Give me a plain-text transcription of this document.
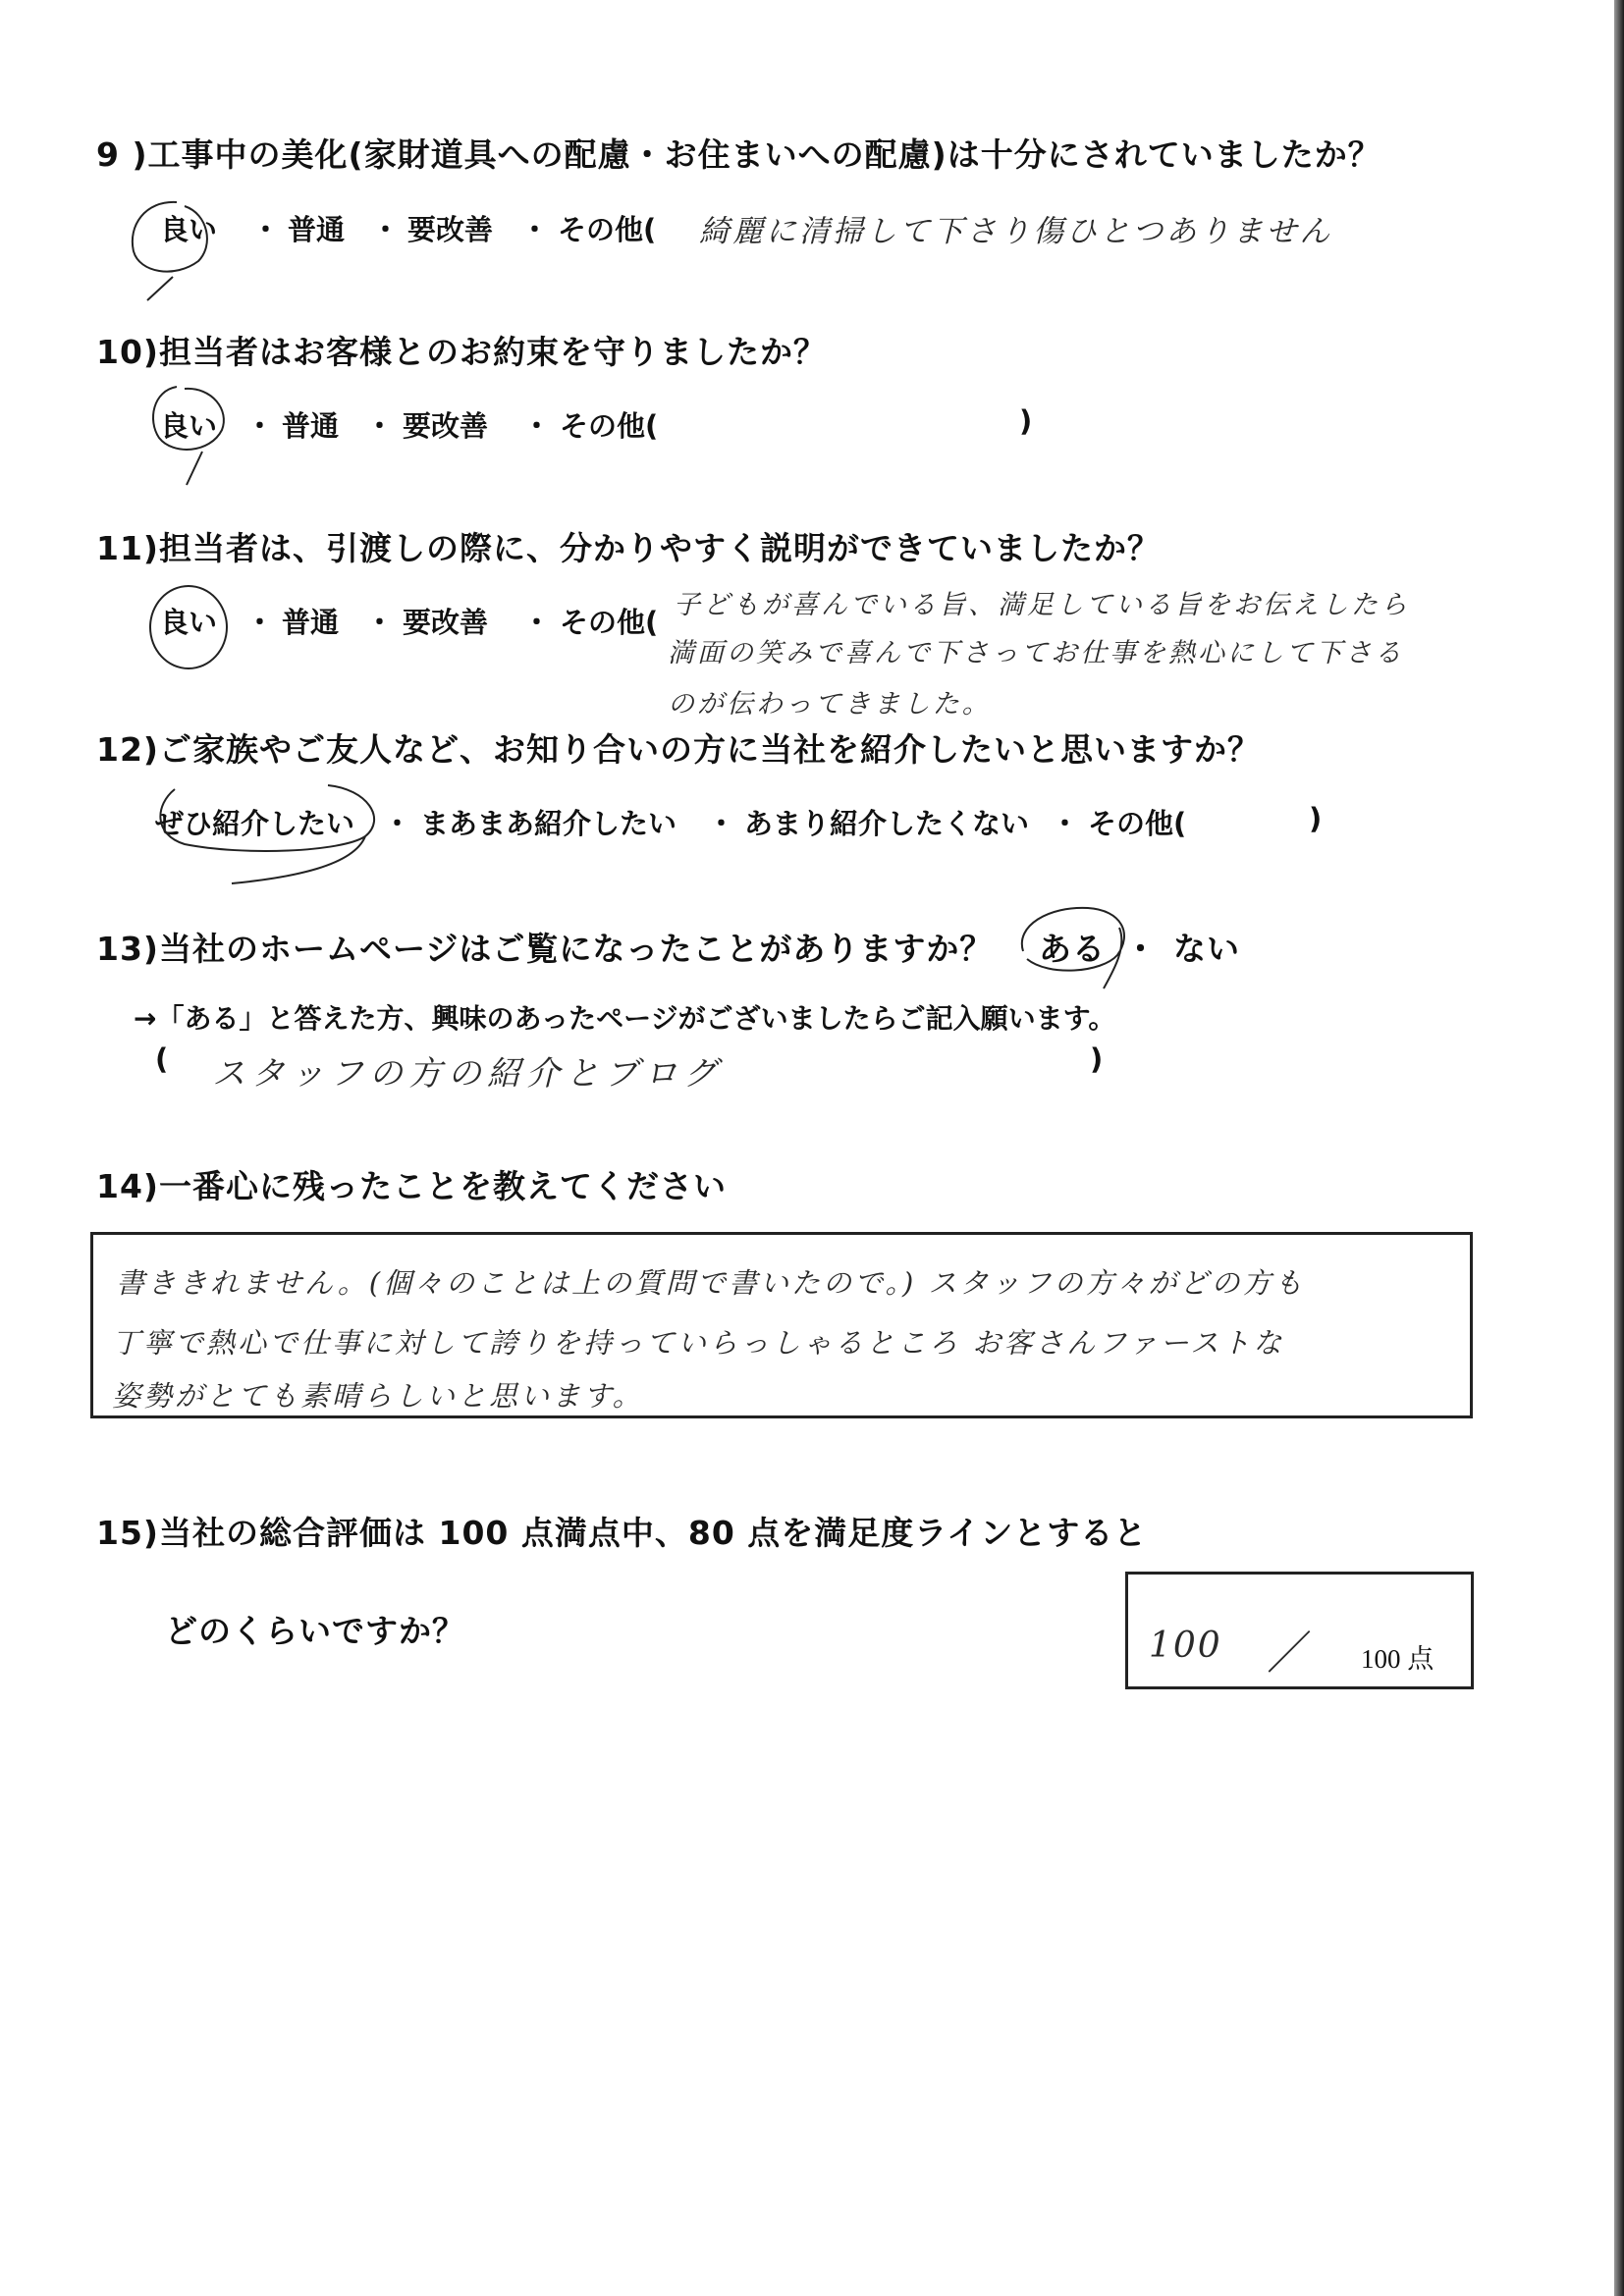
9 )工事中の美化(家財道具への配慮・お住まいへの配慮)は十分にされていましたか？
良い ・ 普通 ・ 要改善 ・ その他( 綺麗に清掃して下さり傷ひとつありません
10)担当者はお客様とのお約束を守りましたか？
良い ・ 普通 ・ 要改善 ・ その他(	)
11)担当者は、引渡しの際に、分かりやすく説明ができていましたか？
良い ・ 普通 ・ 要改善 ・ その他(
子どもが喜んでいる旨、満足している旨をお伝えしたら
満面の笑みで喜んで下さってお仕事を熱心にして下さる
のが伝わってきました。
12)ご家族やご友人など、お知り合いの方に当社を紹介したいと思いますか？
ぜひ紹介したい ・ まあまあ紹介したい ・ あまり紹介したくない ・ その他(	)
13)当社のホームページはご覧になったことがありますか？ ある ・ ない
→「ある」と答えた方、興味のあったページがございましたらご記入願います。
( スタッフの方の紹介とブログ	)
14)一番心に残ったことを教えてください
書ききれません。(個々のことは上の質問で書いたので。) スタッフの方々がどの方も
丁寧で熱心で仕事に対して誇りを持っていらっしゃるところ お客さんファーストな
姿勢がとても素晴らしいと思います。
15)当社の総合評価は 100 点満点中、80 点を満足度ラインとすると
どのくらいですか？	100 ／ 100 点
